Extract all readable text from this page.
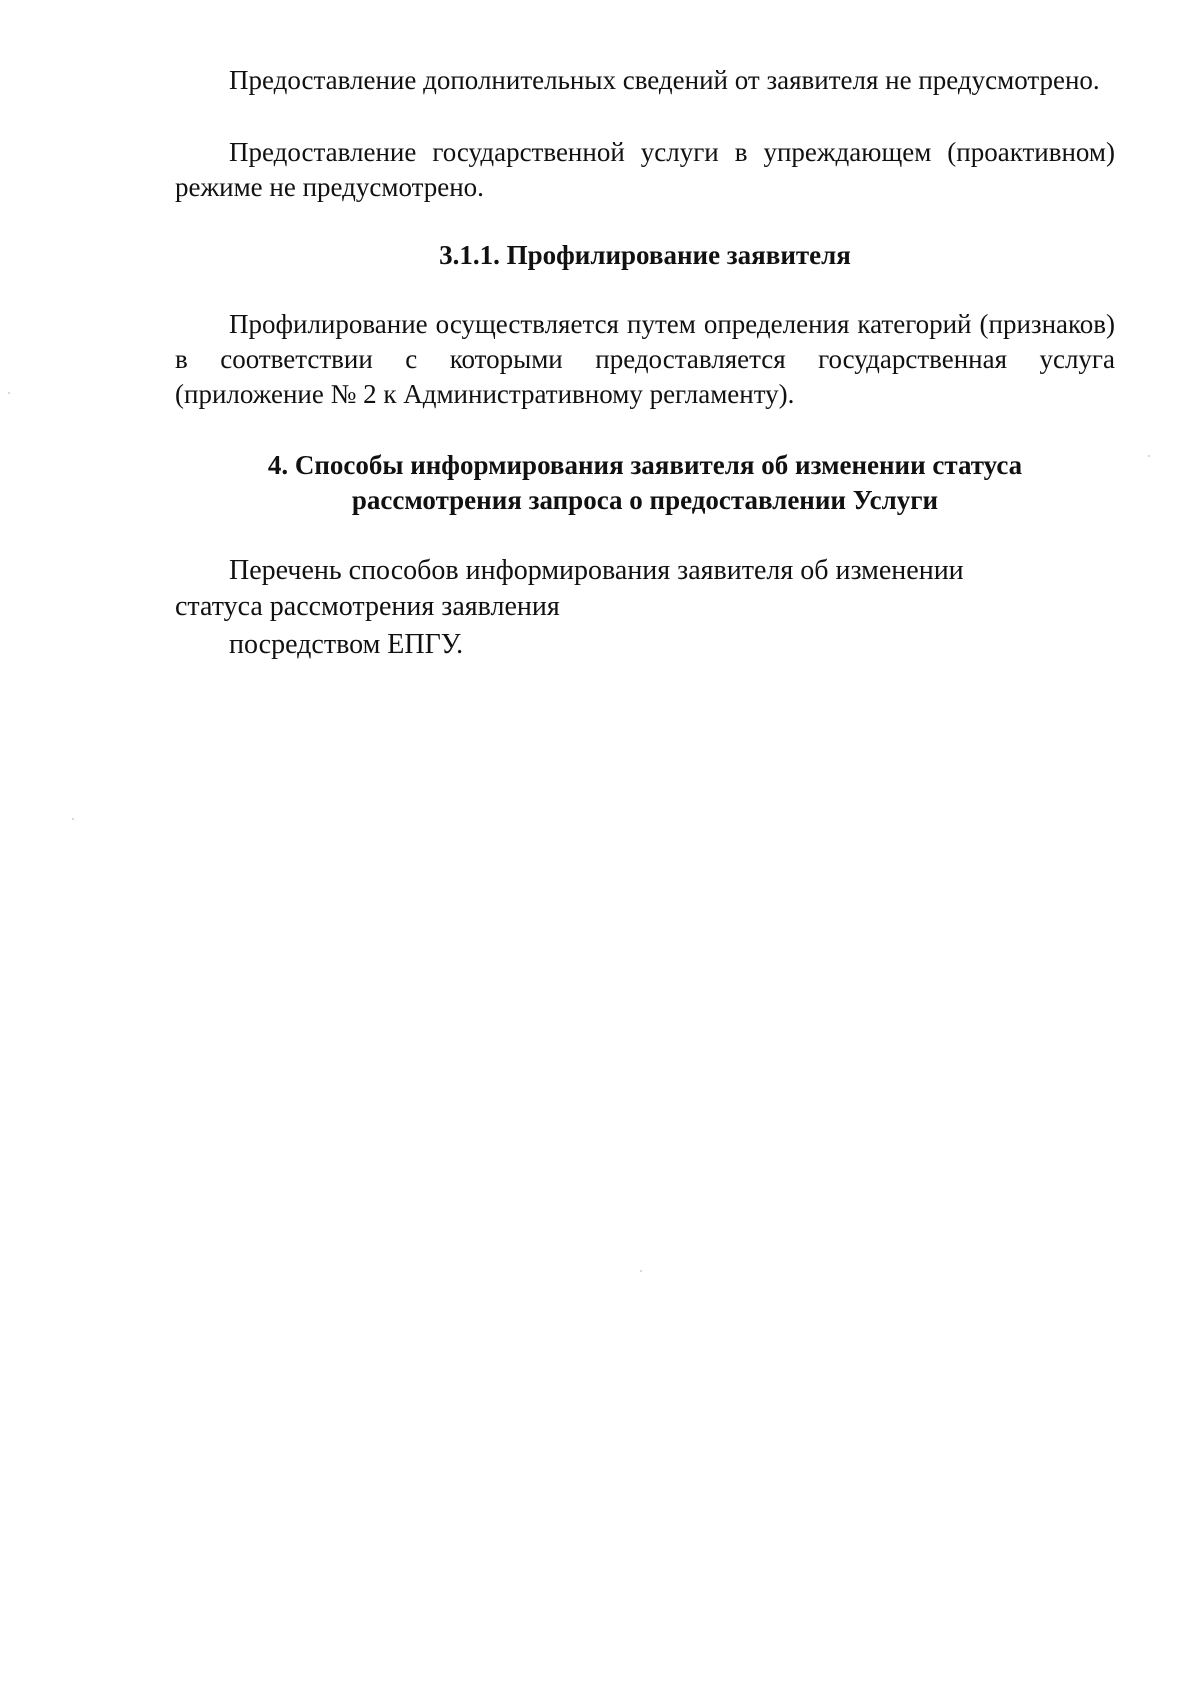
Предоставление дополнительных сведений от заявителя не предусмотрено.

Предоставление государственной услуги в упреждающем (проактивном) режиме не предусмотрено.

3.1.1. Профилирование заявителя

Профилирование осуществляется путем определения категорий (признаков) в соответствии с которыми предоставляется государственная услуга (приложение № 2 к Административному регламенту).

4. Способы информирования заявителя об изменении статуса
рассмотрения запроса о предоставлении Услуги
Перечень способов информирования заявителя об изменении
статуса рассмотрения заявления

посредством ЕПГУ.
